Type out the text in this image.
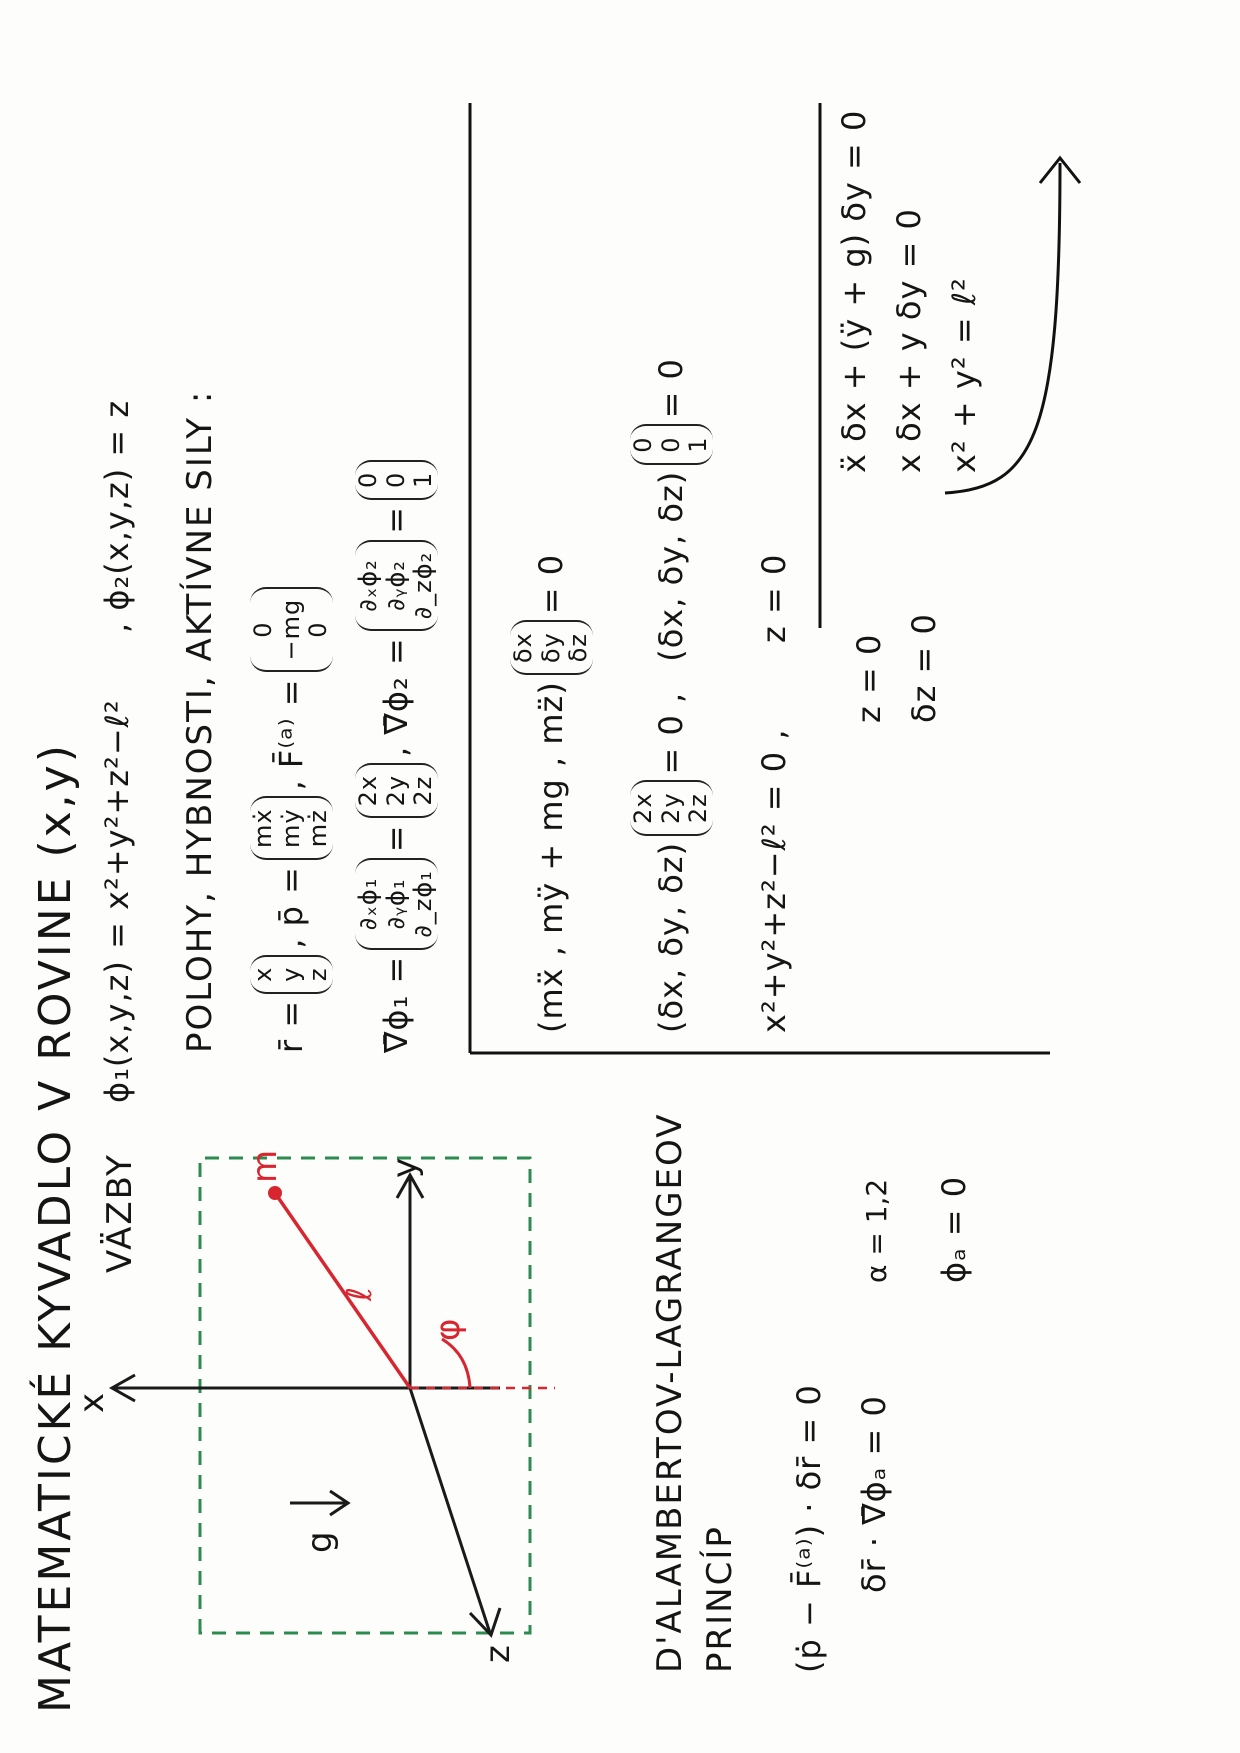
MATEMATICKÉ KYVADLO V ROVINE (x,y) VÄZBY
ϕ₁(x,y,z) = x²+y²+z²−ℓ²
, ϕ₂(x,y,z) = z POLOHY, HYBNOSTI, AKTÍVNE SILY : r̄ =
x y z
, p̄ =
mẋ mẏ mż
, F̄⁽ᵃ⁾ =
0 −mg 0
∇̄ϕ₁ =
∂ₓϕ₁ ∂ᵧϕ₁ ∂_zϕ₁
=
2x 2y 2z
, ∇̄ϕ₂ =
∂ₓϕ₂ ∂ᵧϕ₂ ∂_zϕ₂
=
0 0 1
(mẍ , mÿ + mg , mz̈)
δx δy δz
= 0
(δx, δy, δz)
2x 2y 2z
= 0 ,
(δx, δy, δz)
0 0 1
= 0
x²+y²+z²−ℓ² = 0 ,
z = 0
z = 0 δz = 0
ẍ δx + (ÿ + g) δy = 0 x δx + y δy = 0 x² + y² = ℓ²
D'ALAMBERTOV-LAGRANGEOV PRINCÍP (ṗ − F̄⁽ᵃ⁾) · δr̄ = 0 δr̄ · ∇̄ϕₐ = 0
α = 1,2 ϕₐ = 0
x
y
z
g
φ
ℓ
m
